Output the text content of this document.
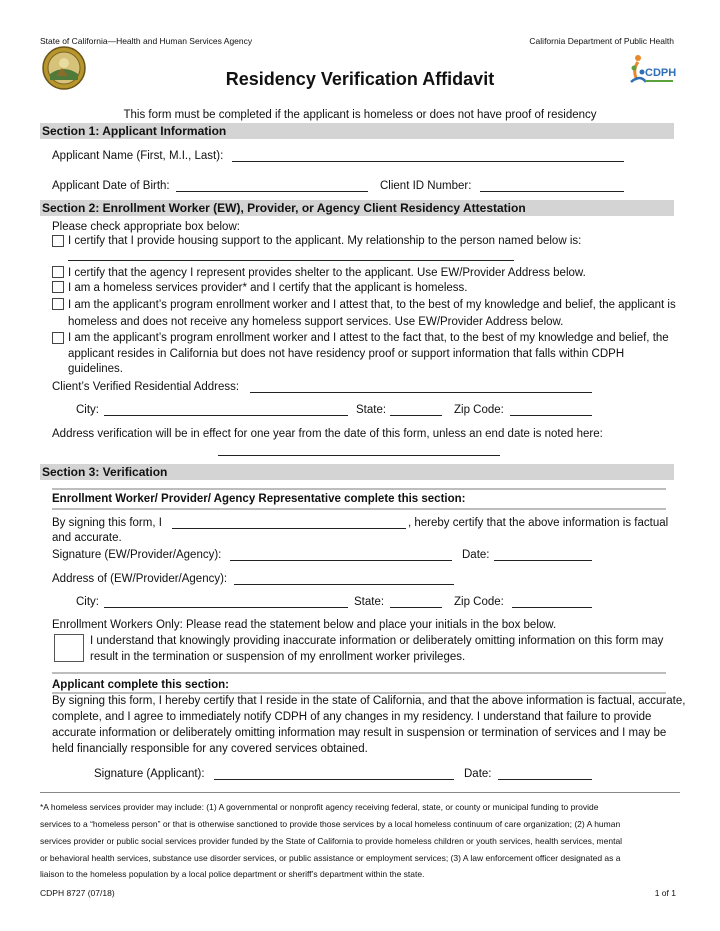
State of California—Health and Human Services Agency	California Department of Public Health
CDPH
Residency Verification Affidavit
This form must be completed if the applicant is homeless or does not have proof of residency
Section 1: Applicant Information
Applicant Name (First, M.I., Last):
Applicant Date of Birth:	Client ID Number:
Section 2: Enrollment Worker (EW), Provider, or Agency Client Residency Attestation
Please check appropriate box below:
I certify that I provide housing support to the applicant. My relationship to the person named below is:
I certify that the agency I represent provides shelter to the applicant. Use EW/Provider Address below.
I am a homeless services provider* and I certify that the applicant is homeless.
I am the applicant’s program enrollment worker and I attest that, to the best of my knowledge and belief, the applicant is
homeless and does not receive any homeless support services. Use EW/Provider Address below.
I am the applicant’s program enrollment worker and I attest to the fact that, to the best of my knowledge and belief, the
applicant resides in California but does not have residency proof or support information that falls within CDPH
guidelines.
Client’s Verified Residential Address:
City:	State:	Zip Code:
Address verification will be in effect for one year from the date of this form, unless an end date is noted here:
Section 3: Verification
Enrollment Worker/ Provider/ Agency Representative complete this section:
By signing this form, I	, hereby certify that the above information is factual
and accurate.
Signature (EW/Provider/Agency):	Date:
Address of (EW/Provider/Agency):
City:	State:	Zip Code:
Enrollment Workers Only: Please read the statement below and place your initials in the box below.
I understand that knowingly providing inaccurate information or deliberately omitting information on this form may
result in the termination or suspension of my enrollment worker privileges.
Applicant complete this section:
By signing this form, I hereby certify that I reside in the state of California, and that the above information is factual, accurate,
complete, and I agree to immediately notify CDPH of any changes in my residency. I understand that failure to provide
accurate information or deliberately omitting information may result in suspension or termination of services and I may be
held financially responsible for any covered services obtained.
Signature (Applicant):	Date:
*A homeless services provider may include: (1) A governmental or nonprofit agency receiving federal, state, or county or municipal funding to provide
services to a “homeless person” or that is otherwise sanctioned to provide those services by a local homeless continuum of care organization; (2) A human
services provider or public social services provider funded by the State of California to provide homeless children or youth services, health services, mental
or behavioral health services, substance use disorder services, or public assistance or employment services; (3) A law enforcement officer designated as a
liaison to the homeless population by a local police department or sheriff’s department within the state.
CDPH 8727 (07/18)	1 of 1
